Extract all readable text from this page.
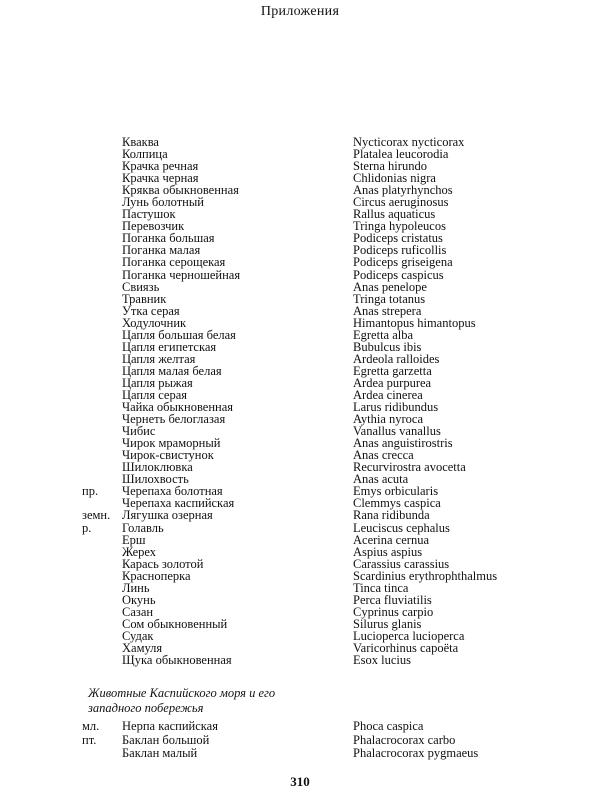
Приложения
Кваква	Nycticorax nycticorax
Колпица	Platalea leucorodia
Крачка речная	Sterna hirundo
Крачка черная	Chlidonias nigra
Кряква обыкновенная	Anas platyrhynchos
Лунь болотный	Circus aeruginosus
Пастушок	Rallus aquaticus
Перевозчик	Tringa hypoleucos
Поганка большая	Podiceps cristatus
Поганка малая	Podiceps ruficollis
Поганка серощекая	Podiceps griseigena
Поганка черношейная	Podiceps caspicus
Свиязь	Anas penelope
Травник	Tringa totanus
Утка серая	Anas strepera
Ходулочник	Himantopus himantopus
Цапля большая белая	Egretta alba
Цапля египетская	Bubulcus ibis
Цапля желтая	Ardeola ralloides
Цапля малая белая	Egretta garzetta
Цапля рыжая	Ardea purpurea
Цапля серая	Ardea cinerea
Чайка обыкновенная	Larus ridibundus
Чернеть белоглазая	Aythia nyroca
Чибис	Vanallus vanallus
Чирок мраморный	Anas anguistirostris
Чирок-свистунок	Anas crecca
Шилоклювка	Recurvirostra avocetta
Шилохвость	Anas acuta
пр. Черепаха болотная	Emys orbicularis
Черепаха каспийская	Clemmys caspica
земн. Лягушка озерная	Rana ridibunda
р. Голавль	Leuciscus cephalus
Ерш	Acerina cernua
Жерех	Aspius aspius
Карась золотой	Carassius carassius
Красноперка	Scardinius erythrophthalmus
Линь	Tinca tinca
Окунь	Perca fluviatilis
Сазан	Cyprinus carpio
Сом обыкновенный	Silurus glanis
Судак	Lucioperca lucioperca
Хамуля	Varicorhinus capoëta
Щука обыкновенная	Esox lucius
Животные Каспийского моря и его западного побережья
мл. Нерпа каспийская	Phoca caspica
пт. Баклан большой	Phalacrocorax carbo
Баклан малый	Phalacrocorax pygmaeus
310
